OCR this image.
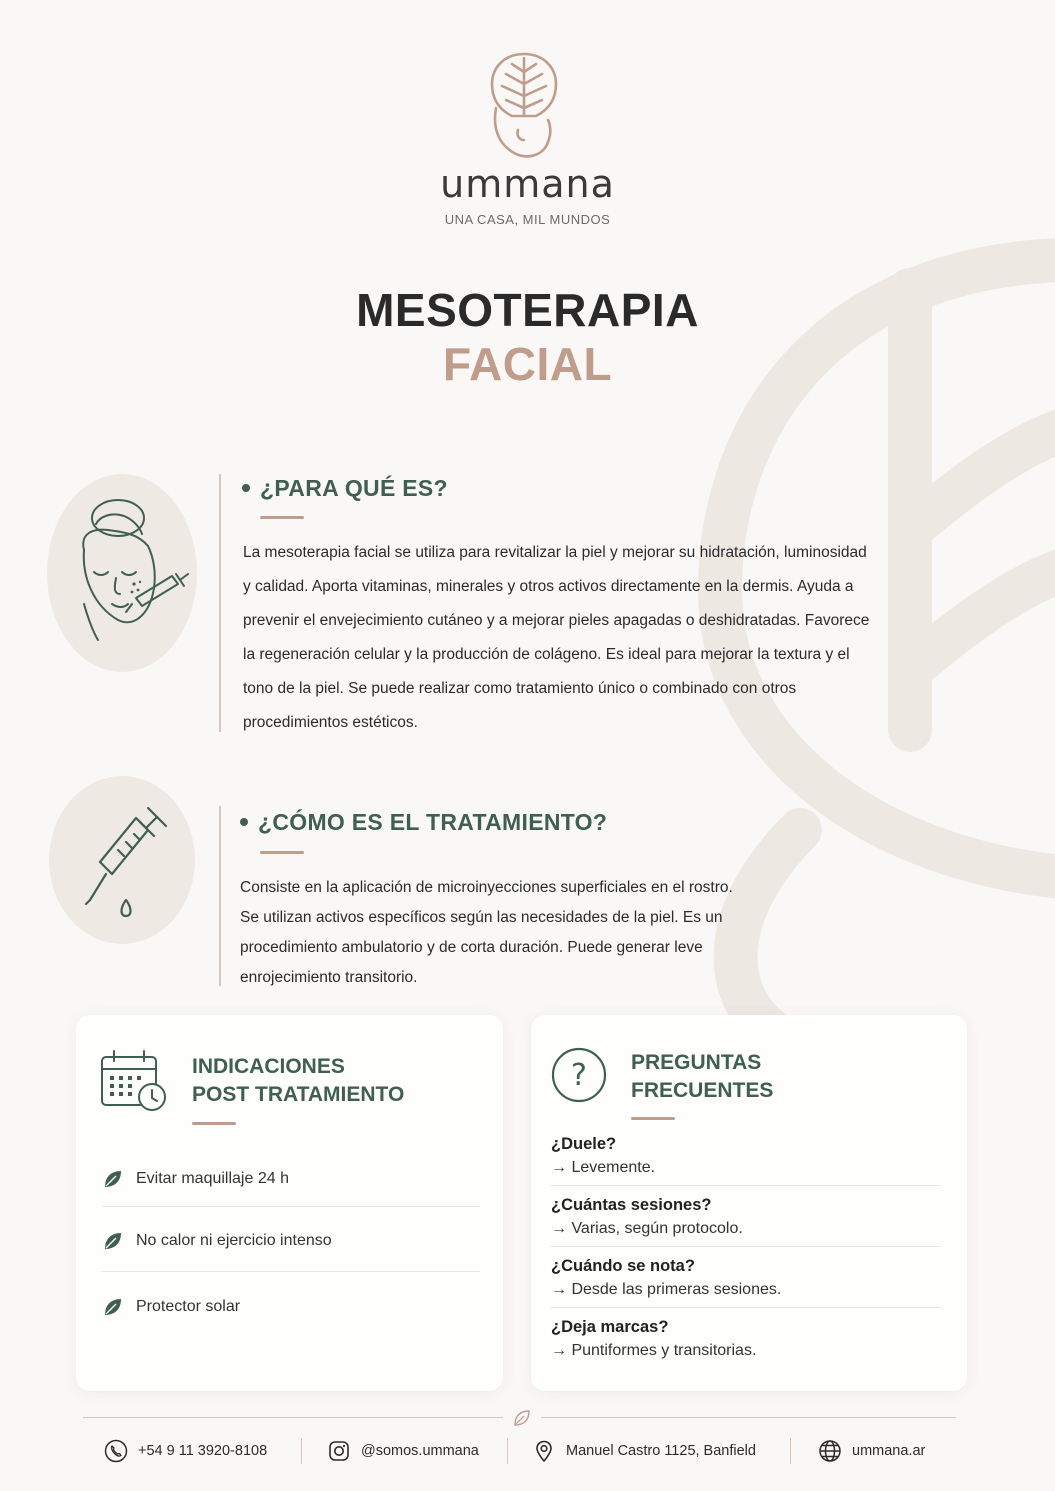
ummana
UNA CASA, MIL MUNDOS
MESOTERAPIA
FACIAL
¿PARA QUÉ ES?
La mesoterapia facial se utiliza para revitalizar la piel y mejorar su hidratación, luminosidad
y calidad. Aporta vitaminas, minerales y otros activos directamente en la dermis. Ayuda a
prevenir el envejecimiento cutáneo y a mejorar pieles apagadas o deshidratadas. Favorece
la regeneración celular y la producción de colágeno. Es ideal para mejorar la textura y el
tono de la piel. Se puede realizar como tratamiento único o combinado con otros
procedimientos estéticos.
¿CÓMO ES EL TRATAMIENTO?
Consiste en la aplicación de microinyecciones superficiales en el rostro.
Se utilizan activos específicos según las necesidades de la piel. Es un
procedimiento ambulatorio y de corta duración. Puede generar leve
enrojecimiento transitorio.
INDICACIONES
POST TRATAMIENTO
Evitar maquillaje 24 h
No calor ni ejercicio intenso
Protector solar
? PREGUNTAS
FRECUENTES
¿Duele?
→ Levemente.
¿Cuántas sesiones?
→ Varias, según protocolo.
¿Cuándo se nota?
→ Desde las primeras sesiones.
¿Deja marcas?
→ Puntiformes y transitorias.
+54 9 11 3920-8108	@somos.ummana	Manuel Castro 1125, Banfield	ummana.ar
